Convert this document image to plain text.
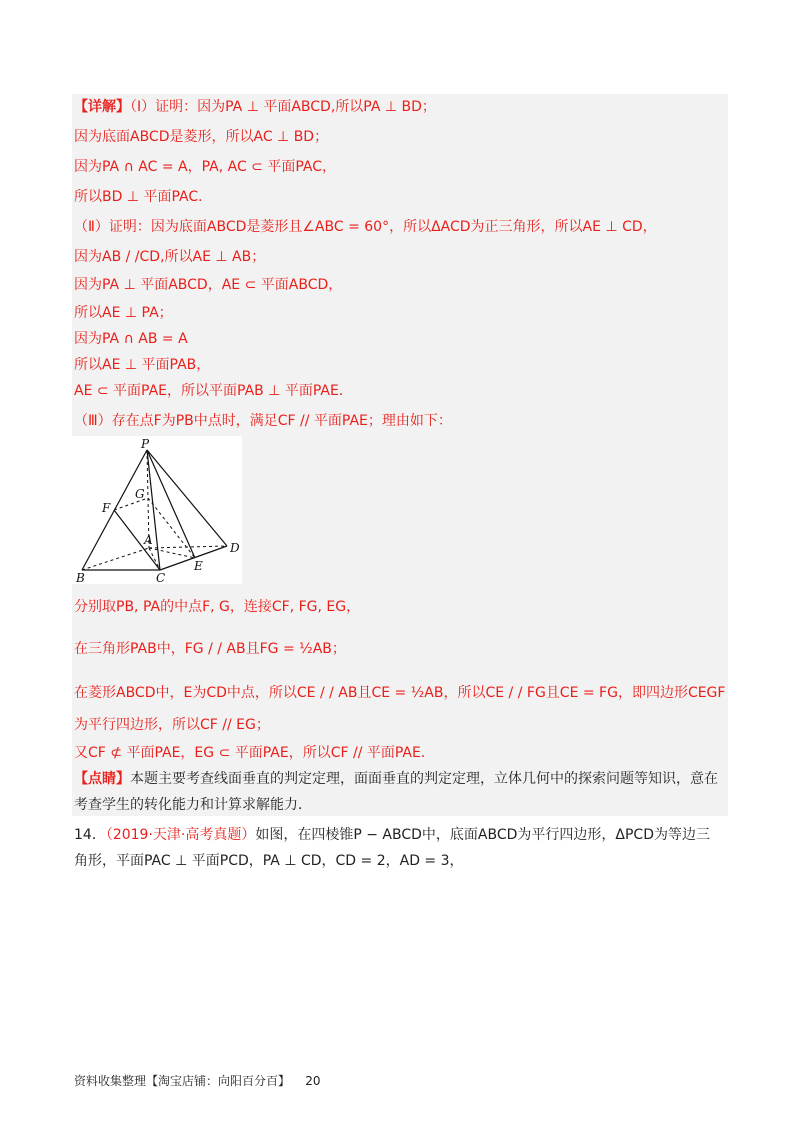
【详解】（Ⅰ）证明：因为PA ⊥ 平面ABCD,所以PA ⊥ BD；
因为底面ABCD是菱形，所以AC ⊥ BD；
因为PA ∩ AC = A，PA, AC ⊂ 平面PAC，
所以BD ⊥ 平面PAC．
（Ⅱ）证明：因为底面ABCD是菱形且∠ABC = 60°，所以ΔACD为正三角形，所以AE ⊥ CD，
因为AB / /CD,所以AE ⊥ AB；
因为PA ⊥ 平面ABCD，AE ⊂ 平面ABCD，
所以AE ⊥ PA；
因为PA ∩ AB = A
所以AE ⊥ 平面PAB，
AE ⊂ 平面PAE，所以平面PAB ⊥ 平面PAE．
（Ⅲ）存在点F为PB中点时，满足CF // 平面PAE；理由如下：
P
G
F
A
D
E
B	C
分别取PB, PA的中点F, G，连接CF, FG, EG，
在三角形PAB中，FG / / AB且FG = ½AB；
在菱形ABCD中，E为CD中点，所以CE / / AB且CE = ½AB，所以CE / / FG且CE = FG，即四边形CEGF
为平行四边形，所以CF // EG；
又CF ⊄ 平面PAE，EG ⊂ 平面PAE，所以CF // 平面PAE．
【点睛】本题主要考查线面垂直的判定定理，面面垂直的判定定理，立体几何中的探索问题等知识，意在
考查学生的转化能力和计算求解能力．
14．（2019·天津·高考真题）如图，在四棱锥P − ABCD中，底面ABCD为平行四边形，ΔPCD为等边三
角形，平面PAC ⊥ 平面PCD，PA ⊥ CD，CD = 2，AD = 3，
资料收集整理【淘宝店铺：向阳百分百】 20
